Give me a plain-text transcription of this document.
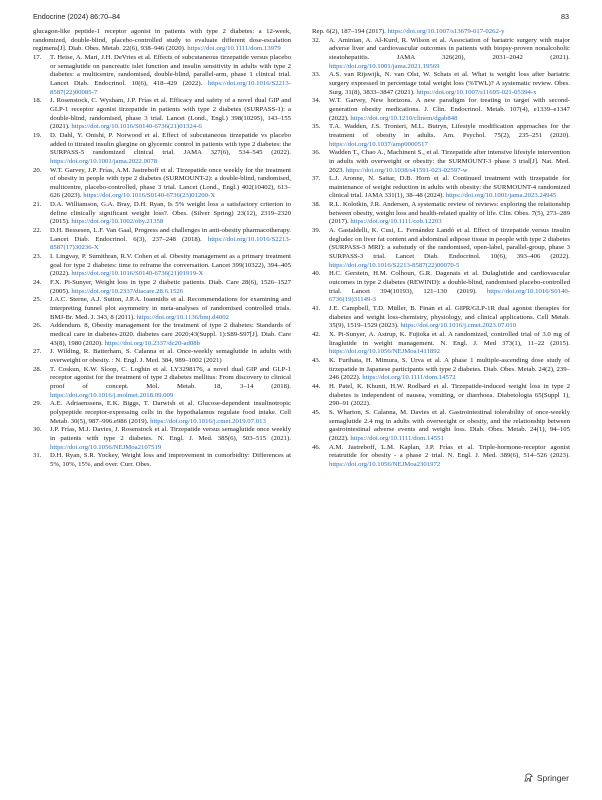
Endocrine (2024) 86:70–84	83
glucagon-like peptide-1 receptor agonist in patients with type 2 diabetes: a 12-week, randomized, double-blind, placebo-controlled study to evaluate different dose-escalation regimens[J]. Diab. Obes. Metab. 22(6), 938–946 (2020). https://doi.org/10.1111/dom.13979
17.	T. Heise, A. Mari, J.H. DeVries et al. Effects of subcutaneous tirzepatide versus placebo or semaglutide on pancreatic islet function and insulin sensitivity in adults with type 2 diabetes: a multicentre, randomised, double-blind, parallel-arm, phase 1 clinical trial. Lancet Diab. Endocrinol. 10(6), 418–429 (2022). https://doi.org/10.1016/S2213-8587(22)00085-7
18.	J. Rosenstock, C. Wysham, J.P. Frías et al. Efficacy and safety of a novel dual GIP and GLP-1 receptor agonist tirzepatide in patients with type 2 diabetes (SURPASS-1): a double-blind, randomised, phase 3 trial. Lancet (Lond., Engl.) 398(10295), 143–155 (2021). https://doi.org/10.1016/S0140-6736(21)01324-6
19.	D. Dahl, Y. Onishi, P. Norwood et al. Effect of subcutaneous tirzepatide vs placebo added to titrated insulin glargine on glycemic control in patients with type 2 diabetes: the SURPASS-5 randomized clinical trial. JAMA 327(6), 534–545 (2022). https://doi.org/10.1001/jama.2022.0078
20.	W.T. Garvey, J.P. Frías, A.M. Jastreboff et al. Tirzepatide once weekly for the treatment of obesity in people with type 2 diabetes (SURMOUNT-2): a double-blind, randomised, multicentre, placebo-controlled, phase 3 trial. Lancet (Lond., Engl.) 402(10402), 613–626 (2023). https://doi.org/10.1016/S0140-6736(23)01200-X
21.	D.A. Williamson, G.A. Bray, D.H. Ryan, Is 5% weight loss a satisfactory criterion to define clinically significant weight loss?. Obes. (Silver Spring) 23(12), 2319–2320 (2015). https://doi.org/10.1002/oby.21358
22.	D.H. Bessesen, L.F. Van Gaal, Progress and challenges in anti-obesity pharmacotherapy. Lancet Diab. Endocrinol. 6(3), 237–248 (2018). https://doi.org/10.1016/S2213-8587(17)30236-X
23.	I. Lingvay, P. Sumithran, R.V. Cohen et al. Obesity management as a primary treatment goal for type 2 diabetes: time to reframe the conversation. Lancet 399(10322), 394–405 (2022). https://doi.org/10.1016/S0140-6736(21)01919-X
24.	F.X. Pi-Sunyer, Weight loss in type 2 diabetic patients. Diab. Care 28(6), 1526–1527 (2005). https://doi.org/10.2337/diacare.28.6.1526
25.	J.A.C. Sterne, A.J. Sutton, J.P.A. Ioannidis et al. Recommendations for examining and interpreting funnel plot asymmetry in meta-analyses of randomised controlled trials. BMJ-Br. Med. J. 343, 8 (2011). https://doi.org/10.1136/bmj.d4002
26.	Addendum. 8, Obesity management for the treatment of type 2 diabetes: Standards of medical care in diabetes-2020. diabetes care 2020;43(Suppl. 1):S89-S97[J]. Diab. Care 43(8), 1980 (2020). https://doi.org/10.2337/dc20-ad08b
27.	J. Wilding, R. Batterham, S. Calanna et al. Once-weekly semaglutide in adults with overweight or obesity. : N. Engl. J. Med. 384, 989–1002 (2021)
28.	T. Coskun, K.W. Sloop, C. Loghin et al. LY3298176, a novel dual GIP and GLP-1 receptor agonist for the treatment of type 2 diabetes mellitus: From discovery to clinical proof of concept. Mol. Metab. 18, 3–14 (2018). https://doi.org/10.1016/j.molmet.2018.09.009
29.	A.E. Adriaenssens, E.K. Biggs, T. Darwish et al. Glucose-dependent insulinotropic polypeptide receptor-expressing cells in the hypothalamus regulate food intake. Cell Metab. 30(5), 987–996.e986 (2019). https://doi.org/10.1016/j.cmet.2019.07.013
30.	J.P. Frías, M.J. Davies, J. Rosenstock et al. Tirzepatide versus semaglutide once weekly in patients with type 2 diabetes. N. Engl. J. Med. 385(6), 503–515 (2021). https://doi.org/10.1056/NEJMoa2107519
31.	D.H. Ryan, S.R. Yockey, Weight loss and improvement in comorbidity: Differences at 5%, 10%, 15%, and over. Curr. Obes.
Rep. 6(2), 187–194 (2017). https://doi.org/10.1007/s13679-017-0262-y
32.	A. Aminian, A. Al-Kurd, R. Wilson et al. Association of bariatric surgery with major adverse liver and cardiovascular outcomes in patients with biopsy-proven nonalcoholic steatohepatitis. JAMA 326(20), 2031–2042 (2021). https://doi.org/10.1001/jama.2021.19569
33.	A.S. van Rijswijk, N. van Olst, W. Schats et al. What is weight loss after bariatric surgery expressed in percentage total weight loss (%TWL)? A systematic review. Obes. Surg. 31(8), 3833–3847 (2021). https://doi.org/10.1007/s11695-021-05394-x
34.	W.T. Garvey, New horizons. A new paradigm for treating to target with second-generation obesity medications. J. Clin. Endocrinol. Metab. 107(4), e1339–e1347 (2022). https://doi.org/10.1210/clinem/dgab848
35.	T.A. Wadden, J.S. Tronieri, M.L. Butryn, Lifestyle modification approaches for the treatment of obesity in adults. Am. Psychol. 75(2), 235–251 (2020). https://doi.org/10.1037/amp0000517
36.	Wadden T., Chao A., Machineni S., et al. Tirzepatide after intensive lifestyle intervention in adults with overweight or obesity: the SURMOUNT-3 phase 3 trial[J]. Nat. Med. 2023. https://doi.org/10.1038/s41591-023-02597-w
37.	L.J. Aronne, N. Sattar, D.B. Horn et al. Continued treatment with tirzepatide for maintenance of weight reduction in adults with obesity: the SURMOUNT-4 randomized clinical trial. JAMA 331(1), 38–48 (2024). https://doi.org/10.1001/jama.2023.24945
38.	R.L. Kolotkin, J.R. Andersen, A systematic review of reviews: exploring the relationship between obesity, weight loss and health-related quality of life. Clin. Obes. 7(5), 273–289 (2017). https://doi.org/10.1111/cob.12203
39.	A. Gastaldelli, K. Cusi, L. Fernández Landó et al. Effect of tirzepatide versus insulin degludec on liver fat content and abdominal adipose tissue in people with type 2 diabetes (SURPASS-3 MRI): a substudy of the randomised, open-label, parallel-group, phase 3 SURPASS-3 trial. Lancet Diab. Endocrinol. 10(6), 393–406 (2022). https://doi.org/10.1016/S2213-8587(22)00070-5
40.	H.C. Gerstein, H.M. Colhoun, G.R. Dagenais et al. Dulaglutide and cardiovascular outcomes in type 2 diabetes (REWIND): a double-blind, randomised placebo-controlled trial. Lancet 394(10193), 121–130 (2019). https://doi.org/10.1016/S0140-6736(19)31149-3
41.	J.E. Campbell, T.D. Müller, B. Finan et al. GIPR/GLP-1R dual agonist therapies for diabetes and weight loss-chemistry, physiology, and clinical applications. Cell Metab. 35(9), 1519–1529 (2023). https://doi.org/10.1016/j.cmet.2023.07.010
42.	X. Pi-Sunyer, A. Astrup, K. Fujioka et al. A randomized, controlled trial of 3.0 mg of liraglutide in weight management. N. Engl. J. Med 373(1), 11–22 (2015). https://doi.org/10.1056/NEJMoa1411892
43.	K. Furihata, H. Mimura, S. Urva et al. A phase 1 multiple-ascending dose study of tirzepatide in Japanese participants with type 2 diabetes. Diab. Obes. Metab. 24(2), 239–246 (2022). https://doi.org/10.1111/dom.14572
44.	H. Patel, K. Khunti, H.W. Rodbard et al. Tirzepatide-induced weight loss in type 2 diabetes is independent of nausea, vomiting, or diarrhoea. Diabetologia 65(Suppl 1), 290–91 (2022).
45.	S. Wharton, S. Calanna, M. Davies et al. Gastrointestinal tolerability of once-weekly semaglutide 2.4 mg in adults with overweight or obesity, and the relationship between gastrointestinal adverse events and weight loss. Diab. Obes. Metab. 24(1), 94–105 (2022). https://doi.org/10.1111/dom.14551
46.	A.M. Jastreboff, L.M. Kaplan, J.P. Frías et al. Triple-hormone-receptor agonist retatrutide for obesity - a phase 2 trial. N. Engl. J. Med. 389(6), 514–526 (2023). https://doi.org/10.1056/NEJMoa2301972
Springer
